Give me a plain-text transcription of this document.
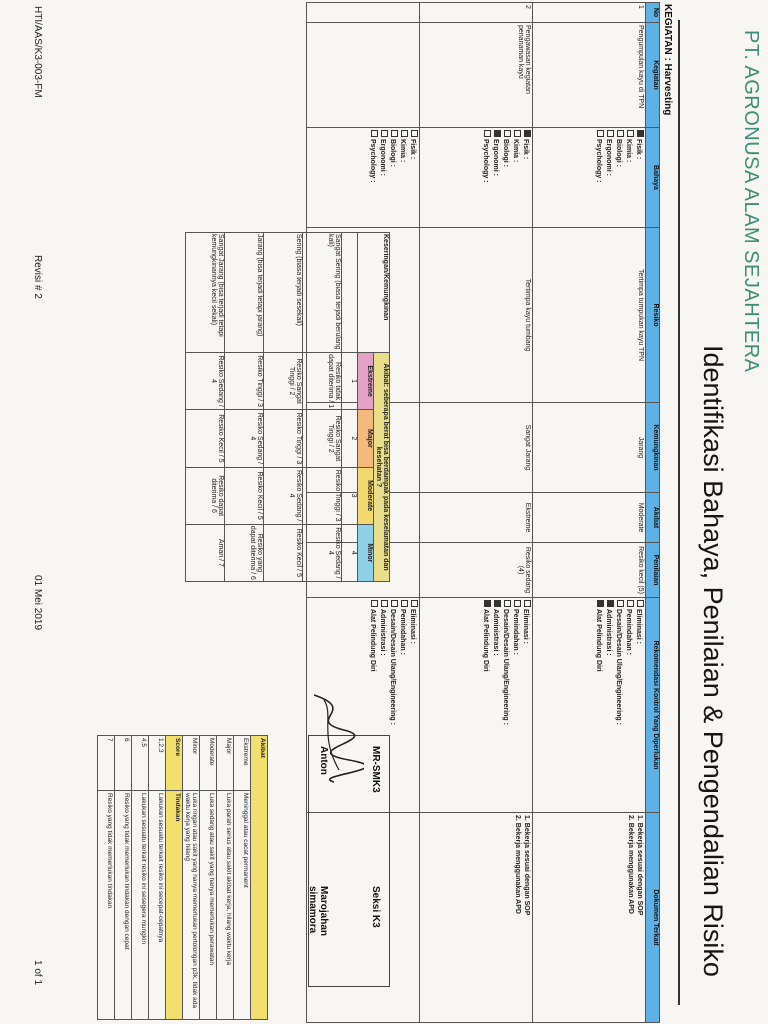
PT. AGRONUSA ALAM SEJAHTERA
Identifikasi Bahaya, Penilaian & Pengendalian Risiko
KEGIATAN : Harvesting
No	Kegiatan	Bahaya	Resiko	Kemungkinan	Akibat	Penilaian	Rekomendasi Kontrol Yang Diperlukan	Dokumen Terkait
1	Pengumpulan kayu di TPN	Fisik :
Kimia :
Biologi :
Ergonomi :
Psychology :	Tertimpa tumpukan kayu TPN	Jarang	Moderate	Resiko kecil (5)	Eliminasi :
Pemindahan :
Desain/Desain Ulang/Engineering :
Administrasi :
Alat Pelindung Diri	1. Bekerja sesuai dengan SOP
2. Bekerja menggunakan APD

2	Pengawasan kegiatan penanaman kayu	Fisik :
Kimia :
Biologi :
Ergonomi :
Psychology :	Tertimpa kayu tumbang	Sangat Jarang	Ekstreme	Resiko sedang (4)	Eliminasi :
Pemindahan :
Desain/Desain Ulang/Engineering :
Administrasi :
Alat Pelindung Diri	1. Bekerja sesuai dengan SOP
2. Bekerja menggunakan APD

		Fisik :
Kimia :
Biologi :
Ergonomi :
Psychology :					Eliminasi :
Pemindahan :
Desain/Desain Ulang/Engineering :
Administrasi :
Alat Pelindung Diri	

Keseringan/Kemungkinan	Akibat: seberapa berat bisa berdampak pada keselamatan dan kesehatan ?			
	Ekstreme	Major	Moderate	Minor
	1	2	3	4
Sangat Sering (biasa terjadi berulang kali)	Resiko tidak dapat diterima / 1	Resiko Sangat Tinggi / 2	Resiko Tinggi / 3	Resiko Sedang / 4
Sering (biasa terjadi sesekali)	Resiko Sangat Tinggi / 2	Resiko Tinggi / 3	Resiko Sedang / 4	Resiko Kecil / 5
Jarang (bisa terjadi tetapi jarang)	Resiko Tinggi / 3	Resiko Sedang / 4	Resiko Kecil / 5	Resiko yang dapat diterima / 6
Sangat Jarang (bisa terjadi tetapi kemungkinannya kecil sekali)	Resiko Sedang / 4	Resiko Kecil / 5	Resiko dapat diterima / 6	Aman / 7
MR-SMK3
Seksi K3
Anton
Marojahan simamora
Akibat	
Ekstreme	Meninggal atau cacat permanent
Major	Luka parah serius atau sakit akibat kerja, hilang waktu kerja
Moderate	Luka sedang atau sakit yang hanya memerlukan perawatan
Minor	Luka ringan atau sakit yang hanya memerlukan pertolongan p3k, tidak ada waktu kerja yang hilang
Score	Tindakan
1,2,3	Lakukan sesuatu terkait resiko ini secepat-cepatnya
4,5	Lakukan sesuatu terkait resiko ini sesegera mungkin
6	Resiko yang tidak memerlukan tindakan dengan cepat
7	Resiko yang tidak memerlukan tindakan
HTI/AAS/K3-003-FM
Revisi # 2
01 Mei 2019
1 of 1
